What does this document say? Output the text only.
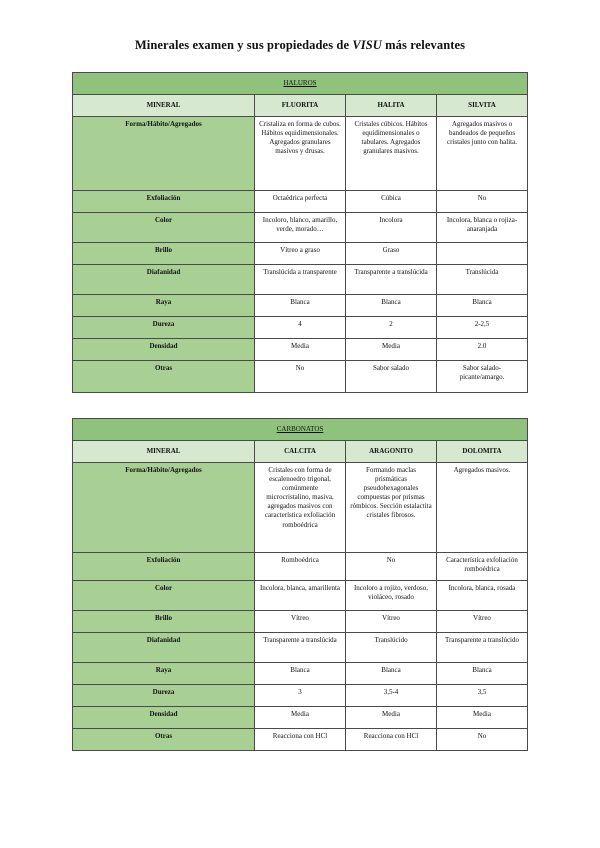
Minerales examen y sus propiedades de VISU más relevantes
HALUROS			
MINERAL	FLUORITA	HALITA	SILVITA
Forma/Hábito/Agregados	Cristaliza en forma de cubos. Hábitos equidimensionales. Agregados granulares masivos y drusas.	Cristales cúbicos. Hábitos equidimensionales o tabulares. Agregados granulares masivos.	Agregados masivos o bandeados de pequeños cristales junto con halita.
Exfoliación	Octaédrica perfecta	Cúbica	No
Color	Incoloro, blanco, amarillo, verde, morado…	Incolora	Incolora, blanca o rojiza-anaranjada
Brillo	Vítreo a graso	Graso	
Diafanidad	Translúcida a transparente	Transparente a translúcida	Translúcida
Raya	Blanca	Blanca	Blanca
Dureza	4	2	2-2,5
Densidad	Media	Media	2.0
Otras	No	Sabor salado	Sabor salado-picante/amargo.
CARBONATOS			
MINERAL	CALCITA	ARAGONITO	DOLOMITA
Forma/Hábito/Agregados	Cristales con forma de escalenoedro trigonal, comúnmente microcristalino, masiva, agregados masivos con característica exfoliación romboédrica	Formando maclas prismáticas pseudohexagonales compuestas por prismas rómbicos. Sección estalactita cristales fibrosos.	Agregados masivos.
Exfoliación	Romboédrica	No	Característica exfoliación romboédrica
Color	Incolora, blanca, amarillenta	Incoloro a rojizo, verdoso, violáceo, rosado	Incolora, blanca, rosada
Brillo	Vítreo	Vítreo	Vítreo
Diafanidad	Transparente a translúcida	Translúcido	Transparente a translúcido
Raya	Blanca	Blanca	Blanca
Dureza	3	3,5-4	3,5
Densidad	Media	Media	Media
Otras	Reacciona con HCl	Reacciona con HCl	No
